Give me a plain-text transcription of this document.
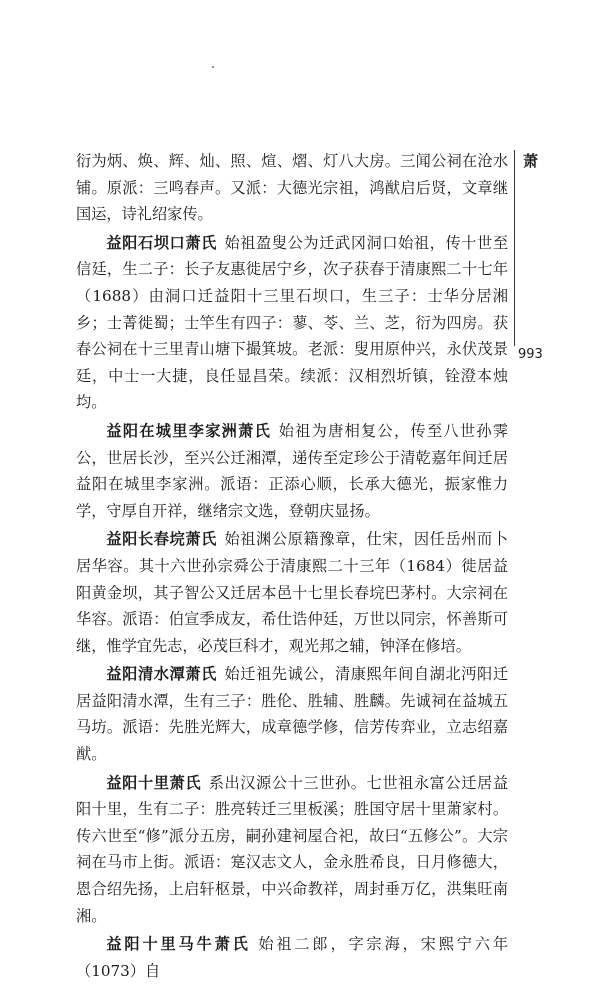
萧
993

衍为炳、焕、辉、灿、照、煊、熠、灯八大房。三闻公祠在沧水铺。原派：三鸣春声。又派：大德光宗祖，鸿猷启后贤，文章继国运，诗礼绍家传。

益阳石坝口萧氏 始祖盈叟公为迁武冈洞口始祖，传十世至信廷，生二子：长子友惠徙居宁乡，次子获春于清康熙二十七年（1688）由洞口迁益阳十三里石坝口，生三子：士华分居湘乡；士菁徙蜀；士竿生有四子：蓼、苓、兰、芝，衍为四房。获春公祠在十三里青山塘下撮箕坡。老派：叟用原仲兴，永伏茂景廷，中士一大捷，良任显昌荣。续派：汉相烈圻镇，铨澄本烛均。

益阳在城里李家洲萧氏 始祖为唐相复公，传至八世孙霁公，世居长沙，至兴公迁湘潭，递传至定珍公于清乾嘉年间迁居益阳在城里李家洲。派语：正添心顺，长承大德光，振家惟力学，守厚自开祥，继绪宗文选，登朝庆显扬。

益阳长春垸萧氏 始祖渊公原籍豫章，仕宋，因任岳州而卜居华容。其十六世孙宗舜公于清康熙二十三年（1684）徙居益阳黄金坝，其子智公又迁居本邑十七里长春垸巴茅村。大宗祠在华容。派语：伯宣季成友，希仕诰仲廷，万世以同宗，怀善斯可继，惟学宜先志，必茂巨科才，观光邦之辅，钟泽在修培。

益阳清水潭萧氏 始迁祖先诚公，清康熙年间自湖北沔阳迁居益阳清水潭，生有三子：胜伦、胜辅、胜麟。先诚祠在益城五马坊。派语：先胜光辉大，成章德学修，信芳传弈业，立志绍嘉猷。

益阳十里萧氏 系出汉源公十三世孙。七世祖永富公迁居益阳十里，生有二子：胜亮转迁三里板溪；胜国守居十里萧家村。传六世至“修”派分五房，嗣孙建祠屋合祀，故曰“五修公”。大宗祠在马市上街。派语：寔汉志文人，金永胜希良，日月修德大，恩合绍先扬，上启轩枢景，中兴命教祥，周封垂万亿，洪集旺南湘。

益阳十里马牛萧氏 始祖二郎，字宗海，宋熙宁六年（1073）自
